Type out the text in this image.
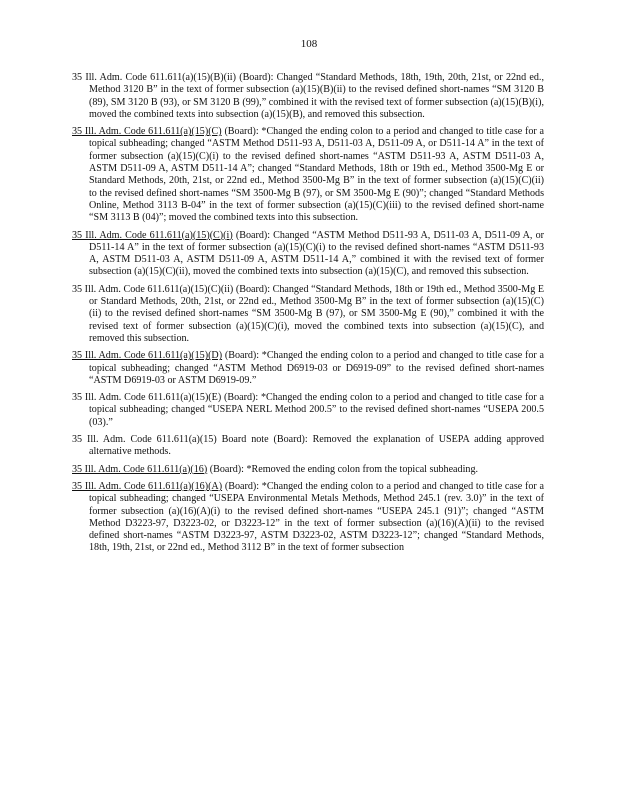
108

35 Ill. Adm. Code 611.611(a)(15)(B)(ii) (Board): Changed “Standard Methods, 18th, 19th, 20th, 21st, or 22nd ed., Method 3120 B” in the text of former subsection (a)(15)(B)(ii) to the revised defined short-names “SM 3120 B (89), SM 3120 B (93), or SM 3120 B (99),” combined it with the revised text of former subsection (a)(15)(B)(i), moved the combined texts into subsection (a)(15)(B), and removed this subsection.

35 Ill. Adm. Code 611.611(a)(15)(C) (Board): *Changed the ending colon to a period and changed to title case for a topical subheading; changed “ASTM Method D511-93 A, D511-03 A, D511-09 A, or D511-14 A” in the text of former subsection (a)(15)(C)(i) to the revised defined short-names “ASTM D511-93 A, ASTM D511-03 A, ASTM D511-09 A, ASTM D511-14 A”; changed “Standard Methods, 18th or 19th ed., Method 3500-Mg E or Standard Methods, 20th, 21st, or 22nd ed., Method 3500-Mg B” in the text of former subsection (a)(15)(C)(ii) to the revised defined short-names “SM 3500-Mg B (97), or SM 3500-Mg E (90)”; changed “Standard Methods Online, Method 3113 B-04” in the text of former subsection (a)(15)(C)(iii) to the revised defined short-name “SM 3113 B (04)”; moved the combined texts into this subsection.

35 Ill. Adm. Code 611.611(a)(15)(C)(i) (Board): Changed “ASTM Method D511-93 A, D511-03 A, D511-09 A, or D511-14 A” in the text of former subsection (a)(15)(C)(i) to the revised defined short-names “ASTM D511-93 A, ASTM D511-03 A, ASTM D511-09 A, ASTM D511-14 A,” combined it with the revised text of former subsection (a)(15)(C)(ii), moved the combined texts into subsection (a)(15)(C), and removed this subsection.

35 Ill. Adm. Code 611.611(a)(15)(C)(ii) (Board): Changed “Standard Methods, 18th or 19th ed., Method 3500-Mg E or Standard Methods, 20th, 21st, or 22nd ed., Method 3500-Mg B” in the text of former subsection (a)(15)(C)(ii) to the revised defined short-names “SM 3500-Mg B (97), or SM 3500-Mg E (90),” combined it with the revised text of former subsection (a)(15)(C)(i), moved the combined texts into subsection (a)(15)(C), and removed this subsection.

35 Ill. Adm. Code 611.611(a)(15)(D) (Board): *Changed the ending colon to a period and changed to title case for a topical subheading; changed “ASTM Method D6919-03 or D6919-09” to the revised defined short-names “ASTM D6919-03 or ASTM D6919-09.”

35 Ill. Adm. Code 611.611(a)(15)(E) (Board): *Changed the ending colon to a period and changed to title case for a topical subheading; changed “USEPA NERL Method 200.5” to the revised defined short-names “USEPA 200.5 (03).”

35 Ill. Adm. Code 611.611(a)(15) Board note (Board): Removed the explanation of USEPA adding approved alternative methods.

35 Ill. Adm. Code 611.611(a)(16) (Board): *Removed the ending colon from the topical subheading.

35 Ill. Adm. Code 611.611(a)(16)(A) (Board): *Changed the ending colon to a period and changed to title case for a topical subheading; changed “USEPA Environmental Metals Methods, Method 245.1 (rev. 3.0)” in the text of former subsection (a)(16)(A)(i) to the revised defined short-names “USEPA 245.1 (91)”; changed “ASTM Method D3223-97, D3223-02, or D3223-12” in the text of former subsection (a)(16)(A)(ii) to the revised defined short-names “ASTM D3223-97, ASTM D3223-02, ASTM D3223-12”; changed “Standard Methods, 18th, 19th, 21st, or 22nd ed., Method 3112 B” in the text of former subsection
